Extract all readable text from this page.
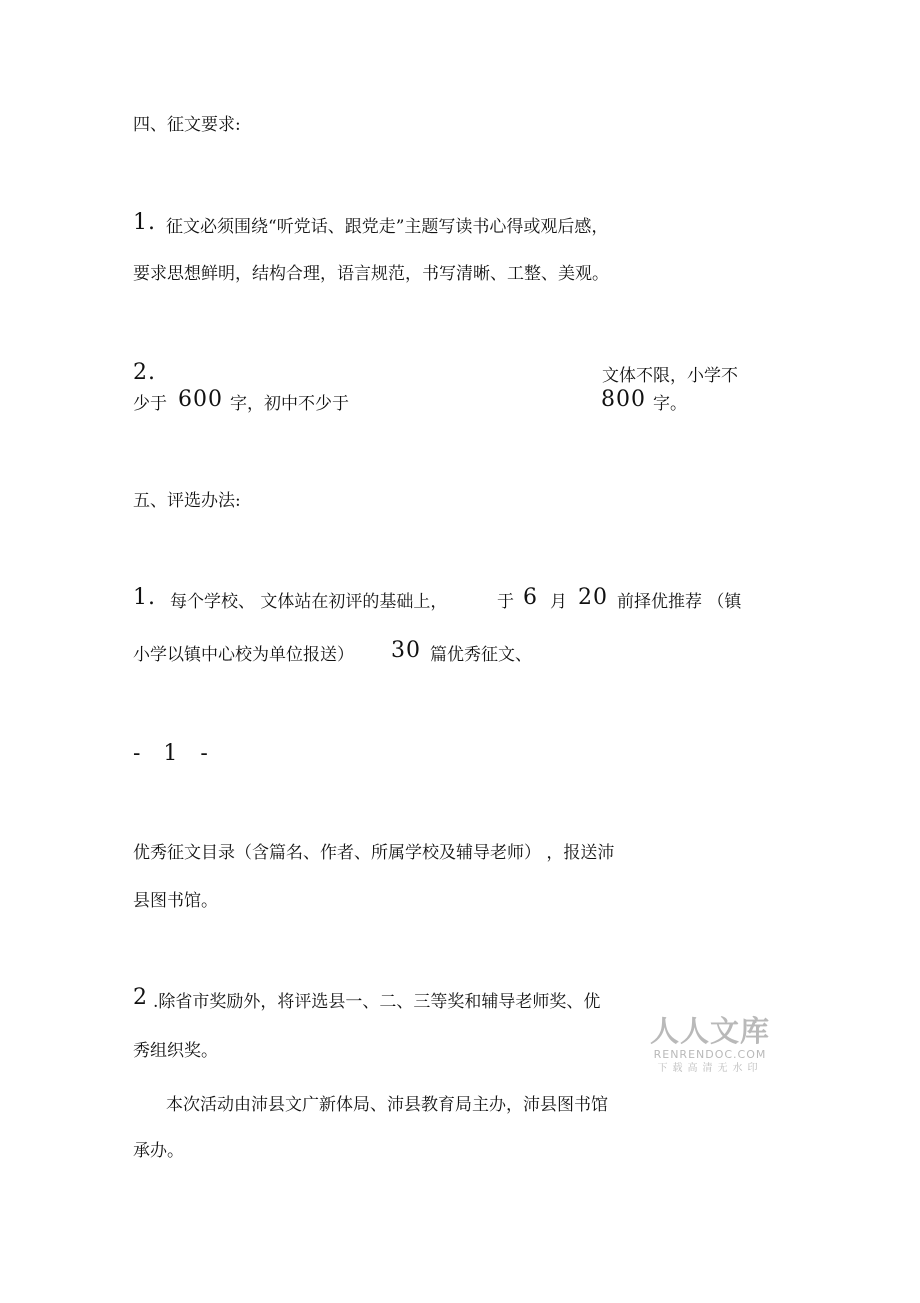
四、征文要求:
1. 征文必须围绕“听党话、跟党走”主题写读书心得或观后感，
要求思想鲜明，结构合理，语言规范，书写清晰、工整、美观。
2.	文体不限，小学不
少于 600 字，初中不少于	800 字。
五、评选办法:
1. 每个学校、 文体站在初评的基础上，	于 6 月 20 前择优推荐 （镇
小学以镇中心校为单位报送） 30 篇优秀征文、
- 1 -
优秀征文目录（含篇名、作者、所属学校及辅导老师） ，报送沛
县图书馆。
2 .除省市奖励外，将评选县一、二、三等奖和辅导老师奖、优
秀组织奖。
本次活动由沛县文广新体局、沛县教育局主办，沛县图书馆
承办。
人人文库
RENRENDOC.COM
下载高清无水印
